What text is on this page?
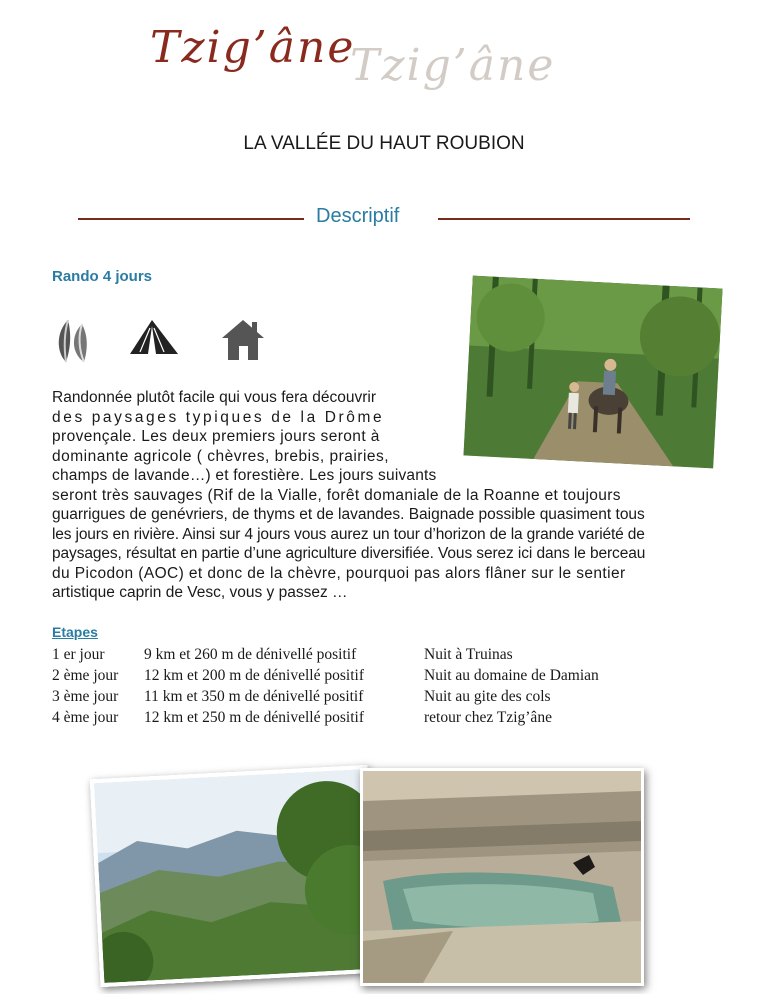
Tzig’âne
Tzig’âne
LA VALLÉE DU HAUT ROUBION
Descriptif
Rando 4 jours
Randonnée plutôt facile qui vous fera découvrir
des paysages typiques de la Drôme
provençale. Les deux premiers jours seront à
dominante agricole ( chèvres, brebis, prairies,
champs de lavande…) et forestière. Les jours suivants
seront très sauvages (Rif de la Vialle, forêt domaniale de la Roanne et toujours
guarrigues de genévriers, de thyms et de lavandes. Baignade possible quasiment tous
les jours en rivière. Ainsi sur 4 jours vous aurez un tour d’horizon de la grande variété de
paysages, résultat en partie d’une agriculture diversifiée. Vous serez ici dans le berceau
du Picodon (AOC) et donc de la chèvre, pourquoi pas alors flâner sur le sentier
artistique caprin de Vesc, vous y passez …
Etapes
1 er jour	9 km et 260 m de dénivellé positif	Nuit à Truinas
2 ème jour 12 km et 200 m de dénivellé positif	Nuit au domaine de Damian
3 ème jour 11 km et 350 m de dénivellé positif	Nuit au gite des cols
4 ème jour 12 km et 250 m de dénivellé positif	retour chez Tzig’âne
